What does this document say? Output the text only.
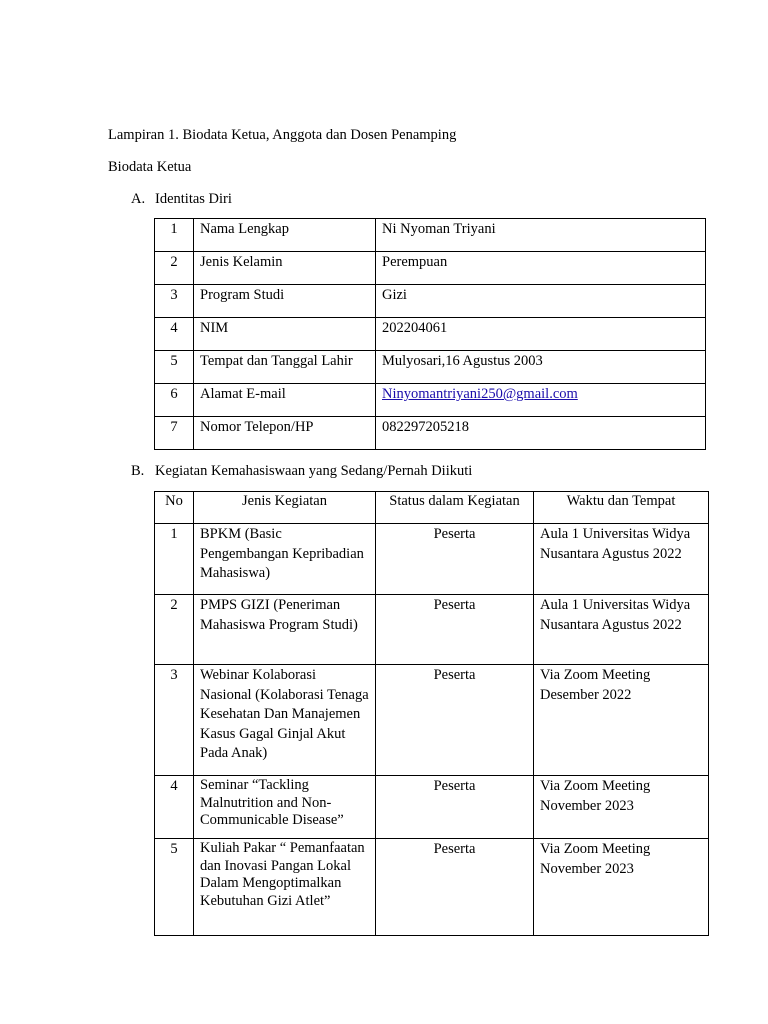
Lampiran 1. Biodata Ketua, Anggota dan Dosen Penamping
Biodata Ketua
A. Identitas Diri
1	Nama Lengkap	Ni Nyoman Triyani
2	Jenis Kelamin	Perempuan
3	Program Studi	Gizi
4	NIM	202204061
5	Tempat dan Tanggal Lahir	Mulyosari,16 Agustus 2003
6	Alamat E-mail	Ninyomantriyani250@gmail.com
7	Nomor Telepon/HP	082297205218
B. Kegiatan Kemahasiswaan yang Sedang/Pernah Diikuti
No	Jenis Kegiatan	Status dalam Kegiatan	Waktu dan Tempat
1	BPKM (Basic Pengembangan Kepribadian Mahasiswa)	Peserta	Aula 1 Universitas Widya Nusantara Agustus 2022
2	PMPS GIZI (Peneriman Mahasiswa Program Studi)	Peserta	Aula 1 Universitas Widya Nusantara Agustus 2022
3	Webinar Kolaborasi Nasional (Kolaborasi Tenaga Kesehatan Dan Manajemen Kasus Gagal Ginjal Akut Pada Anak)	Peserta	Via Zoom Meeting Desember 2022
4	Seminar “Tackling Malnutrition and Non-Communicable Disease”	Peserta	Via Zoom Meeting November 2023
5	Kuliah Pakar “ Pemanfaatan dan Inovasi Pangan Lokal Dalam Mengoptimalkan Kebutuhan Gizi Atlet”	Peserta	Via Zoom Meeting November 2023
